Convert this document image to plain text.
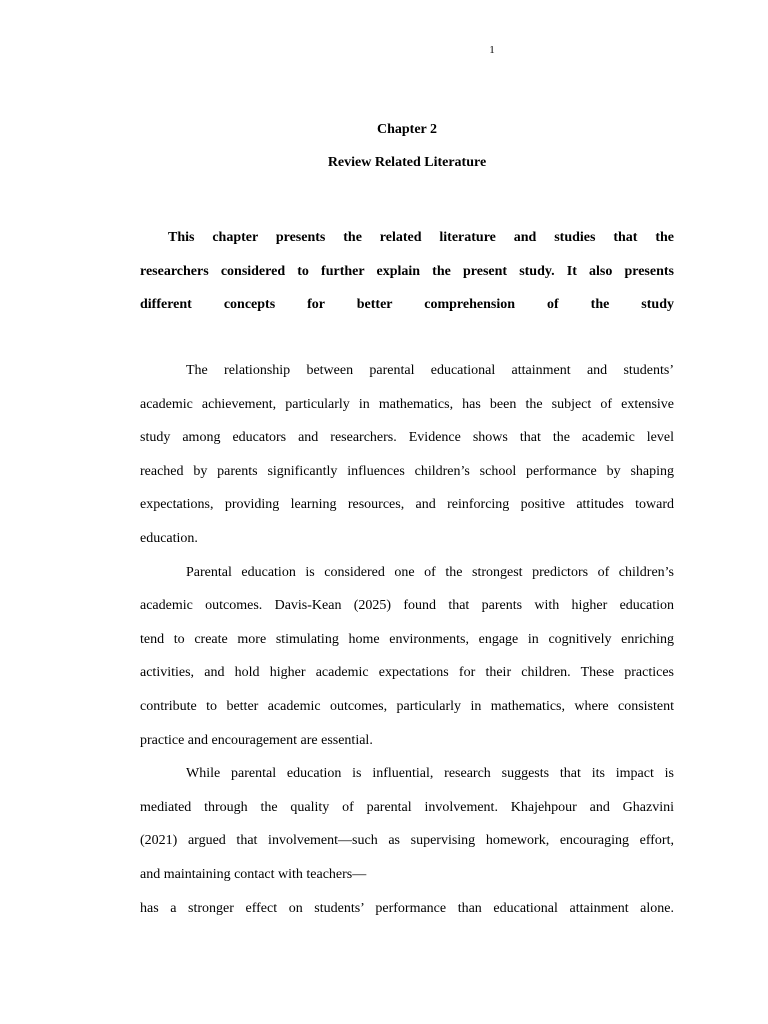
1
Chapter 2
Review Related Literature
This chapter presents the related literature and studies that the
researchers considered to further explain the present study. It also presents
different concepts for better comprehension of the study
The relationship between parental educational attainment and students’
academic achievement, particularly in mathematics, has been the subject of extensive
study among educators and researchers. Evidence shows that the academic level
reached by parents significantly influences children’s school performance by shaping
expectations, providing learning resources, and reinforcing positive attitudes toward
education.
Parental education is considered one of the strongest predictors of children’s
academic outcomes. Davis-Kean (2025) found that parents with higher education
tend to create more stimulating home environments, engage in cognitively enriching
activities, and hold higher academic expectations for their children. These practices
contribute to better academic outcomes, particularly in mathematics, where consistent
practice and encouragement are essential.
While parental education is influential, research suggests that its impact is
mediated through the quality of parental involvement. Khajehpour and Ghazvini
(2021) argued that involvement—such as supervising homework, encouraging effort,
and maintaining contact with teachers—
has a stronger effect on students’ performance than educational attainment alone.
